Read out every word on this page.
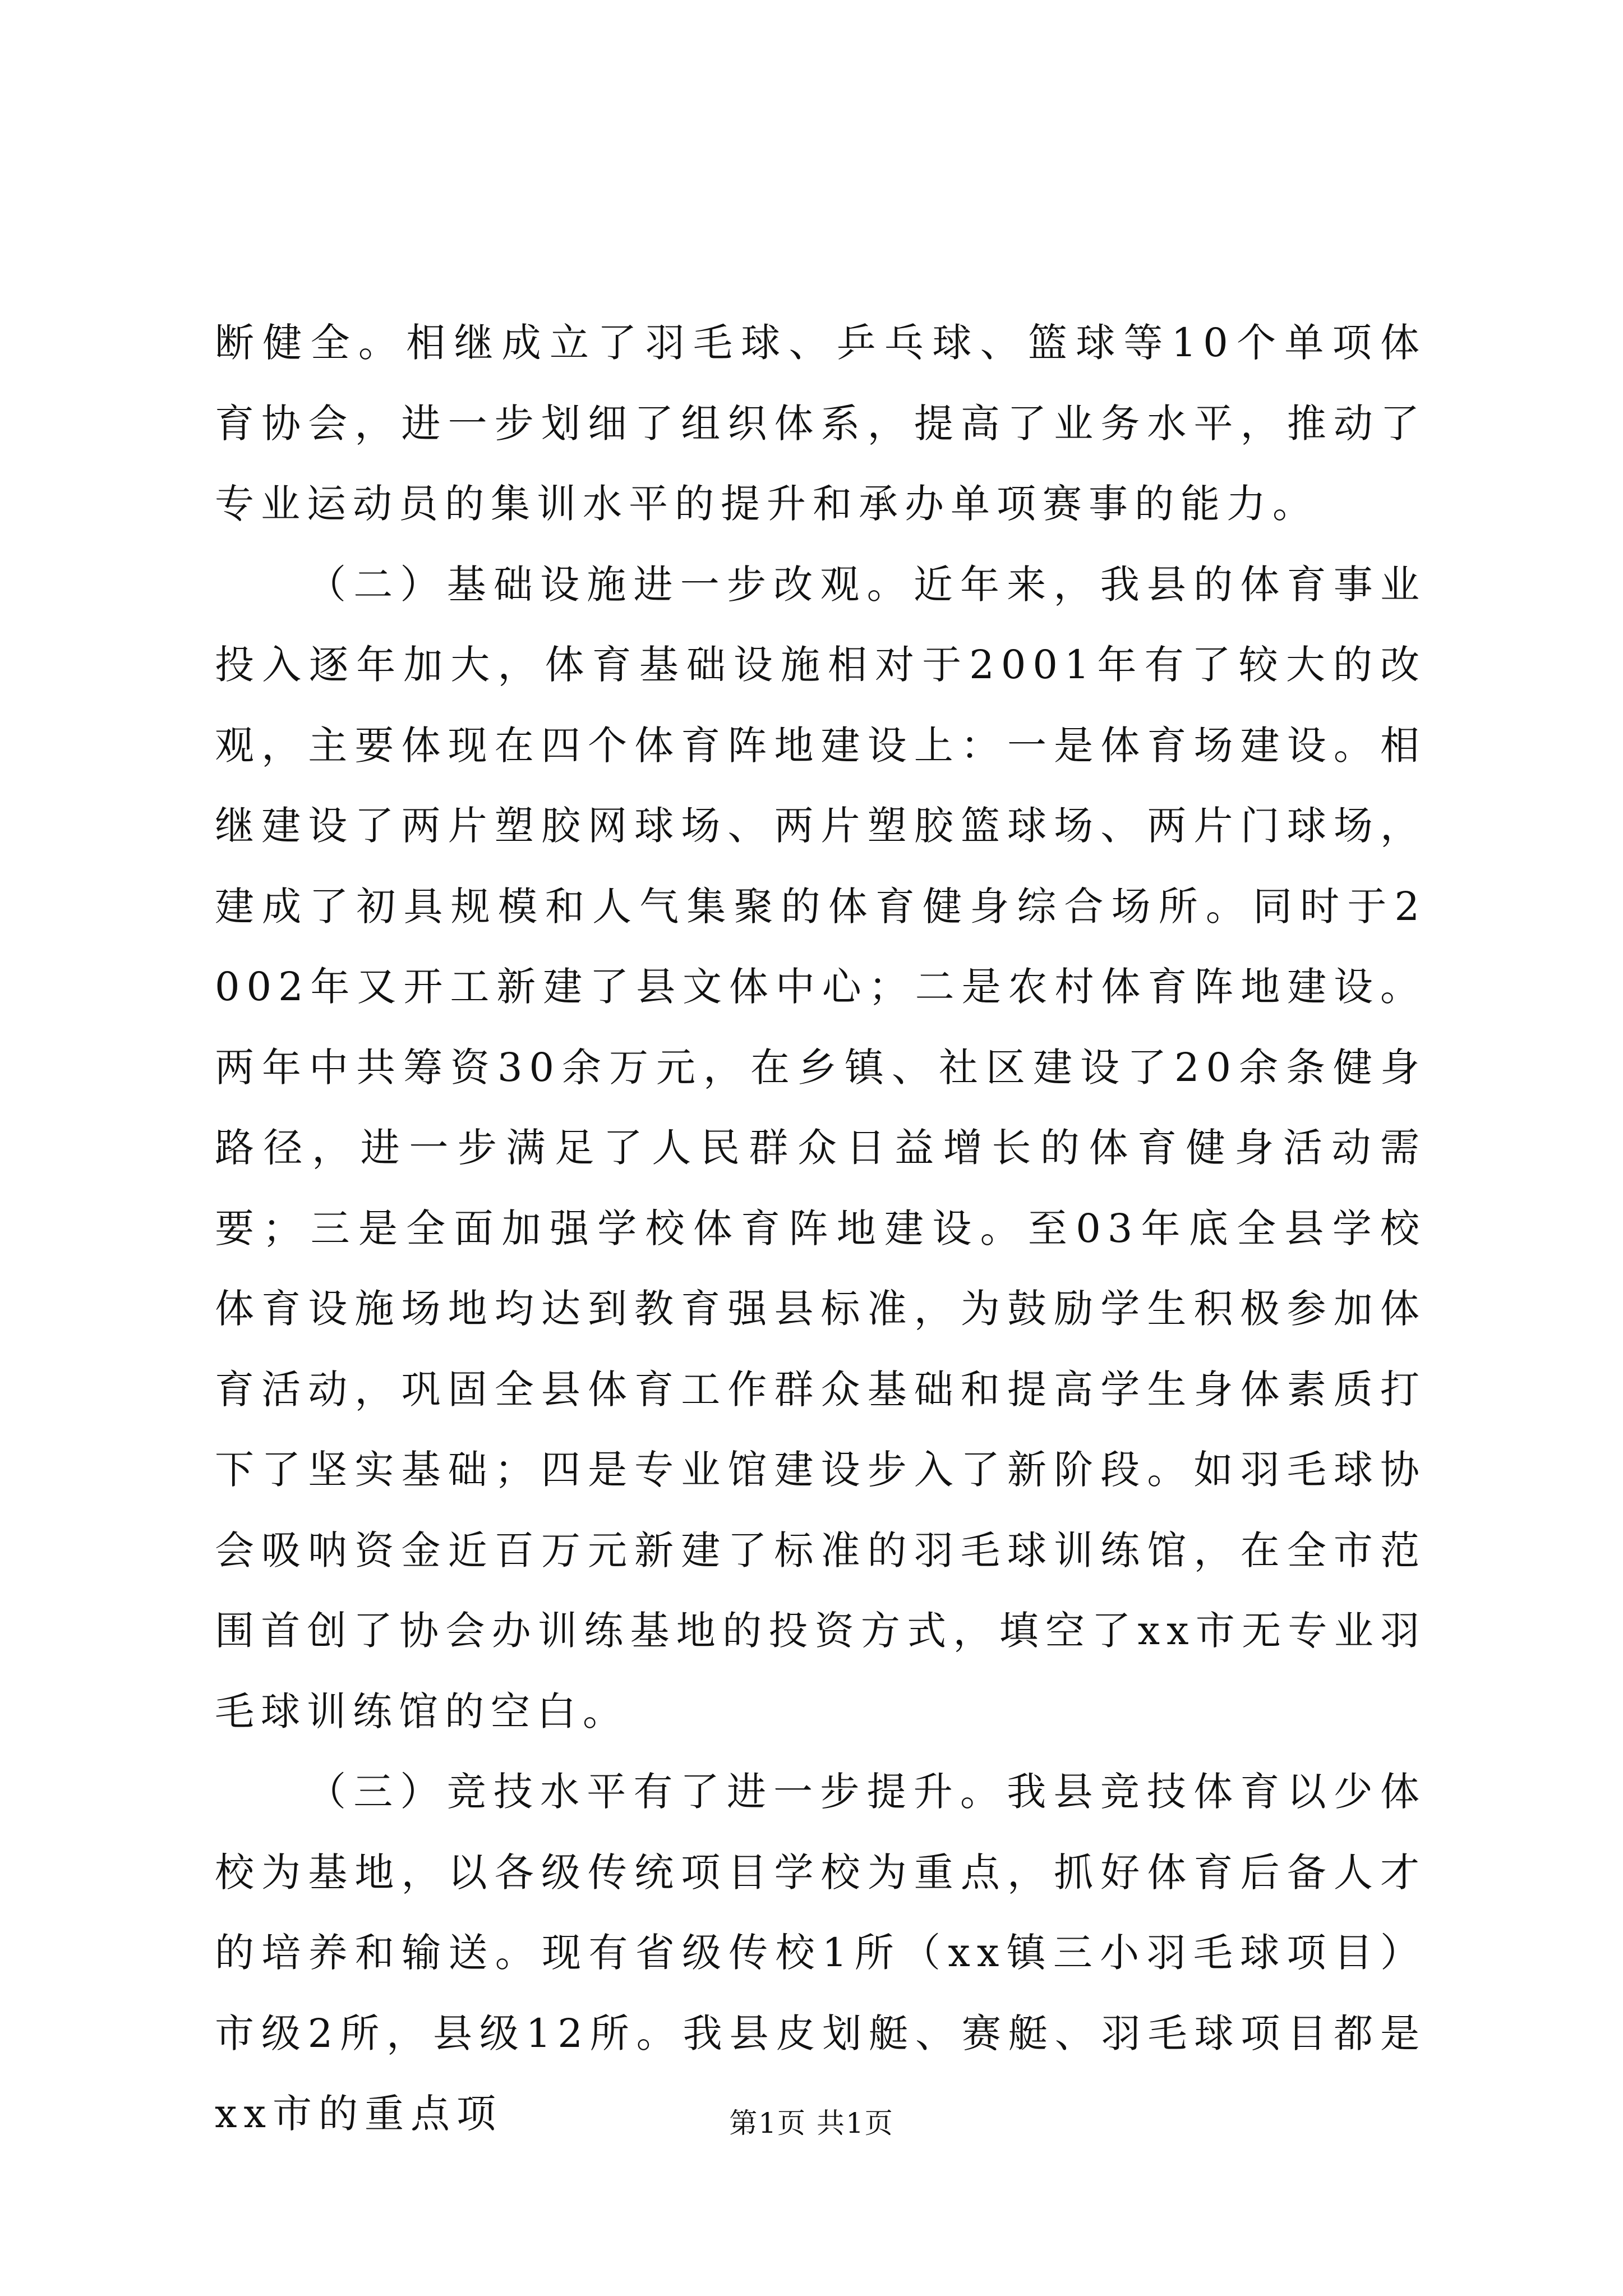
断健全。相继成立了羽毛球、乒乓球、篮球等10个单项体育协会，进一步划细了组织体系，提高了业务水平，推动了专业运动员的集训水平的提升和承办单项赛事的能力。

（二）基础设施进一步改观。近年来，我县的体育事业投入逐年加大，体育基础设施相对于2001年有了较大的改观，主要体现在四个体育阵地建设上：一是体育场建设。相继建设了两片塑胶网球场、两片塑胶篮球场、两片门球场，建成了初具规模和人气集聚的体育健身综合场所。同时于2002年又开工新建了县文体中心；二是农村体育阵地建设。两年中共筹资30余万元，在乡镇、社区建设了20余条健身路径，进一步满足了人民群众日益增长的体育健身活动需要；三是全面加强学校体育阵地建设。至03年底全县学校体育设施场地均达到教育强县标准，为鼓励学生积极参加体育活动，巩固全县体育工作群众基础和提高学生身体素质打下了坚实基础；四是专业馆建设步入了新阶段。如羽毛球协会吸呐资金近百万元新建了标准的羽毛球训练馆，在全市范围首创了协会办训练基地的投资方式，填空了xx市无专业羽毛球训练馆的空白。

（三）竞技水平有了进一步提升。我县竞技体育以少体校为基地，以各级传统项目学校为重点，抓好体育后备人才的培养和输送。现有省级传校1所（xx镇三小羽毛球项目）市级2所，县级12所。我县皮划艇、赛艇、羽毛球项目都是xx市的重点项	第1页 共1页
